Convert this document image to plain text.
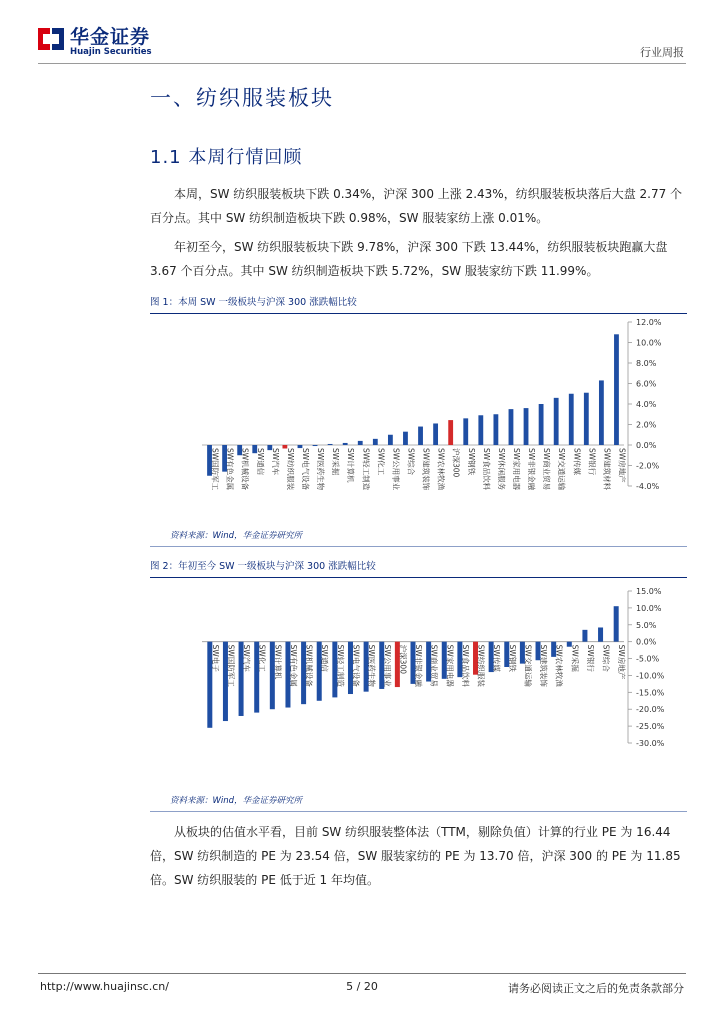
华金证券
Huajin Securities	行业周报
一、纺织服装板块
1.1 本周行情回顾
本周，SW 纺织服装板块下跌 0.34%，沪深 300 上涨 2.43%，纺织服装板块落后大盘 2.77 个百分点。其中 SW 纺织制造板块下跌 0.98%，SW 服装家纺上涨 0.01%。
年初至今，SW 纺织服装板块下跌 9.78%，沪深 300 下跌 13.44%，纺织服装板块跑赢大盘 3.67 个百分点。其中 SW 纺织制造板块下跌 5.72%，SW 服装家纺下跌 11.99%。
图 1：本周 SW 一级板块与沪深 300 涨跌幅比较
12.0%
10.0%
8.0%
6.0%
4.0%
2.0%
0.0%
-2.0%
-4.0%
SW国防军工 SW有色金属 SW机械设备 SW通信 SW汽车 SW纺织服装 SW电气设备 SW医药生物 SW采掘 SW计算机 SW轻工制造 SW化工 SW公用事业 SW综合 SW建筑装饰 SW农林牧渔 沪深300 SW钢铁 SW食品饮料 SW休闲服务 SW家用电器 SW非银金融 SW商业贸易 SW交通运输 SW传媒 SW银行 SW建筑材料 SW房地产
资料来源：Wind，华金证券研究所
图 2：年初至今 SW 一级板块与沪深 300 涨跌幅比较
15.0%
10.0%
5.0%
0.0%
-5.0%
-10.0%
-15.0%
-20.0%
-25.0%
-30.0%
SW电子 SW国防军工 SW汽车 SW化工 SW计算机 SW有色金属 SW机械设备 SW通信 SW轻工制造 SW电气设备 SW医药生物 SW公用事业 沪深300 SW非银金融 SW商业贸易 SW家用电器 SW食品饮料 SW纺织服装 SW传媒 SW钢铁 SW交通运输 SW建筑装饰 SW农林牧渔 SW采掘 SW银行 SW综合 SW房地产
资料来源：Wind，华金证券研究所
从板块的估值水平看，目前 SW 纺织服装整体法（TTM，剔除负值）计算的行业 PE 为 16.44 倍，SW 纺织制造的 PE 为 23.54 倍，SW 服装家纺的 PE 为 13.70 倍，沪深 300 的 PE 为 11.85 倍。SW 纺织服装的 PE 低于近 1 年均值。
http://www.huajinsc.cn/	5 / 20	请务必阅读正文之后的免责条款部分
